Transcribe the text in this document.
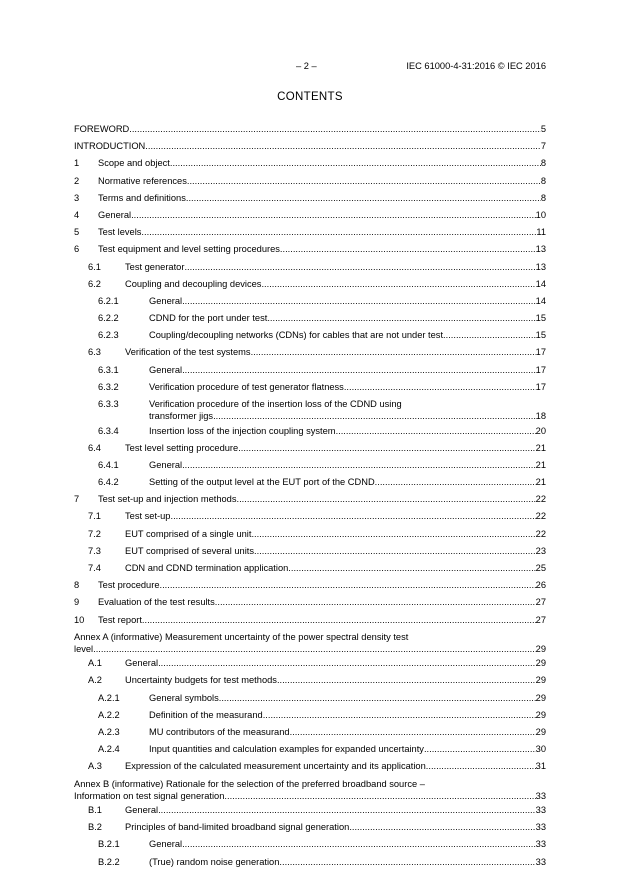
– 2 –	IEC 61000-4-31:2016 © IEC 2016
CONTENTS
FOREWORD .....	5
INTRODUCTION .....	7
1	Scope and object .....	8
2	Normative references .....	8
3	Terms and definitions .....	8
4	General .....	10
5	Test levels .....	11
6	Test equipment and level setting procedures .....	13
6.1	Test generator .....	13
6.2	Coupling and decoupling devices .....	14
6.2.1	General .....	14
6.2.2	CDND for the port under test .....	15
6.2.3	Coupling/decoupling networks (CDNs) for cables that are not under test .....	15
6.3	Verification of the test systems .....	17
6.3.1	General .....	17
6.3.2	Verification procedure of test generator flatness .....	17
6.3.3	Verification procedure of the insertion loss of the CDND using
transformer jigs .....	18
6.3.4	Insertion loss of the injection coupling system .....	20
6.4	Test level setting procedure .....	21
6.4.1	General .....	21
6.4.2	Setting of the output level at the EUT port of the CDND .....	21
7	Test set-up and injection methods .....	22
7.1	Test set-up .....	22
7.2	EUT comprised of a single unit .....	22
7.3	EUT comprised of several units .....	23
7.4	CDN and CDND termination application .....	25
8	Test procedure .....	26
9	Evaluation of the test results .....	27
10	Test report .....	27
Annex A (informative) Measurement uncertainty of the power spectral density test
level .....	29
A.1	General .....	29
A.2	Uncertainty budgets for test methods .....	29
A.2.1	General symbols .....	29
A.2.2	Definition of the measurand .....	29
A.2.3	MU contributors of the measurand .....	29
A.2.4	Input quantities and calculation examples for expanded uncertainty .....	30
A.3	Expression of the calculated measurement uncertainty and its application .....	31
Annex B (informative) Rationale for the selection of the preferred broadband source –
Information on test signal generation .....	33
B.1	General .....	33
B.2	Principles of band-limited broadband signal generation .....	33
B.2.1	General .....	33
B.2.2	(True) random noise generation .....	33
